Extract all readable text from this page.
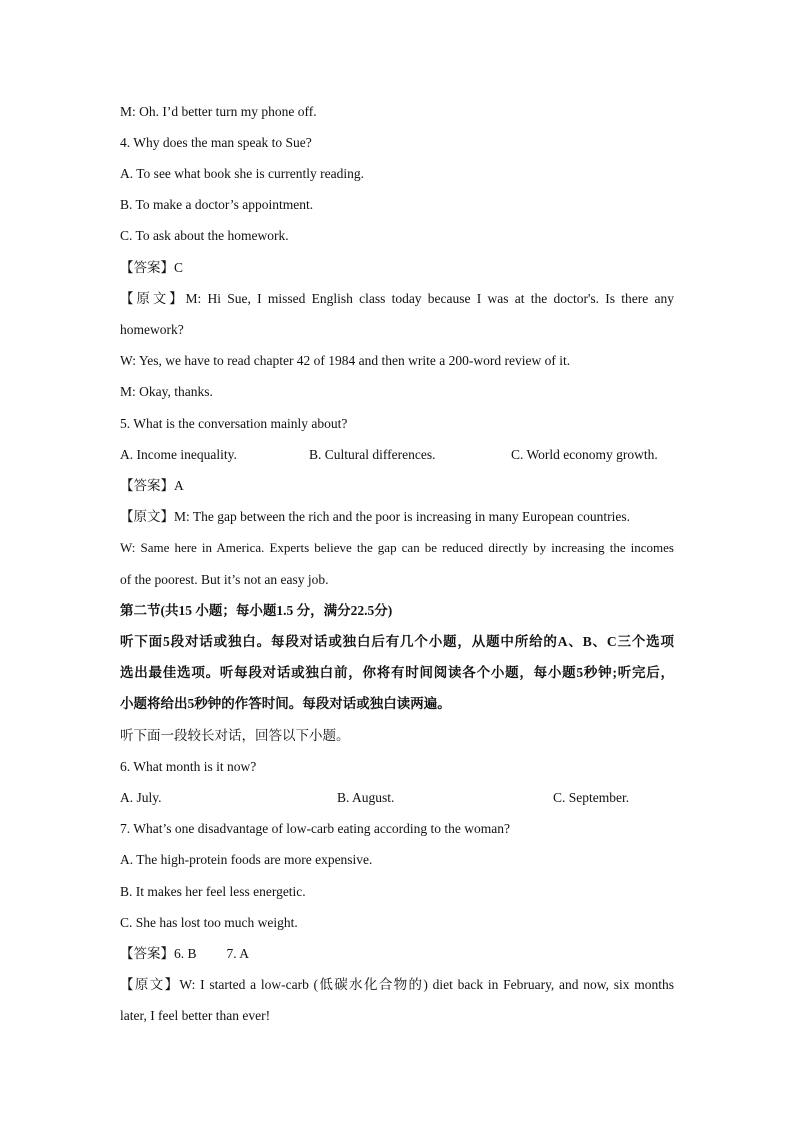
M: Oh. I’d better turn my phone off.
4. Why does the man speak to Sue?
A. To see what book she is currently reading.
B. To make a doctor’s appointment.
C. To ask about the homework.
【答案】C
【原文】M: Hi Sue, I missed English class today because I was at the doctor's. Is there any
homework?
W: Yes, we have to read chapter 42 of 1984 and then write a 200-word review of it.
M: Okay, thanks.
5. What is the conversation mainly about?
A. Income inequality.	B. Cultural differences.	C. World economy growth.
【答案】A
【原文】M: The gap between the rich and the poor is increasing in many European countries.
W: Same here in America. Experts believe the gap can be reduced directly by increasing the incomes
of the poorest. But it’s not an easy job.
第二节(共15 小题；每小题1.5 分，满分22.5分)
听下面5段对话或独白。每段对话或独白后有几个小题，从题中所给的A、B、C三个选项
选出最佳选项。听每段对话或独白前，你将有时间阅读各个小题，每小题5秒钟;听完后，
小题将给出5秒钟的作答时间。每段对话或独白读两遍。
听下面一段较长对话，回答以下小题。
6. What month is it now?
A. July.	B. August.	C. September.
7. What’s one disadvantage of low-carb eating according to the woman?
A. The high-protein foods are more expensive.
B. It makes her feel less energetic.
C. She has lost too much weight.
【答案】6. B 7. A
【原文】W: I started a low-carb (低碳水化合物的) diet back in February, and now, six months
later, I feel better than ever!
